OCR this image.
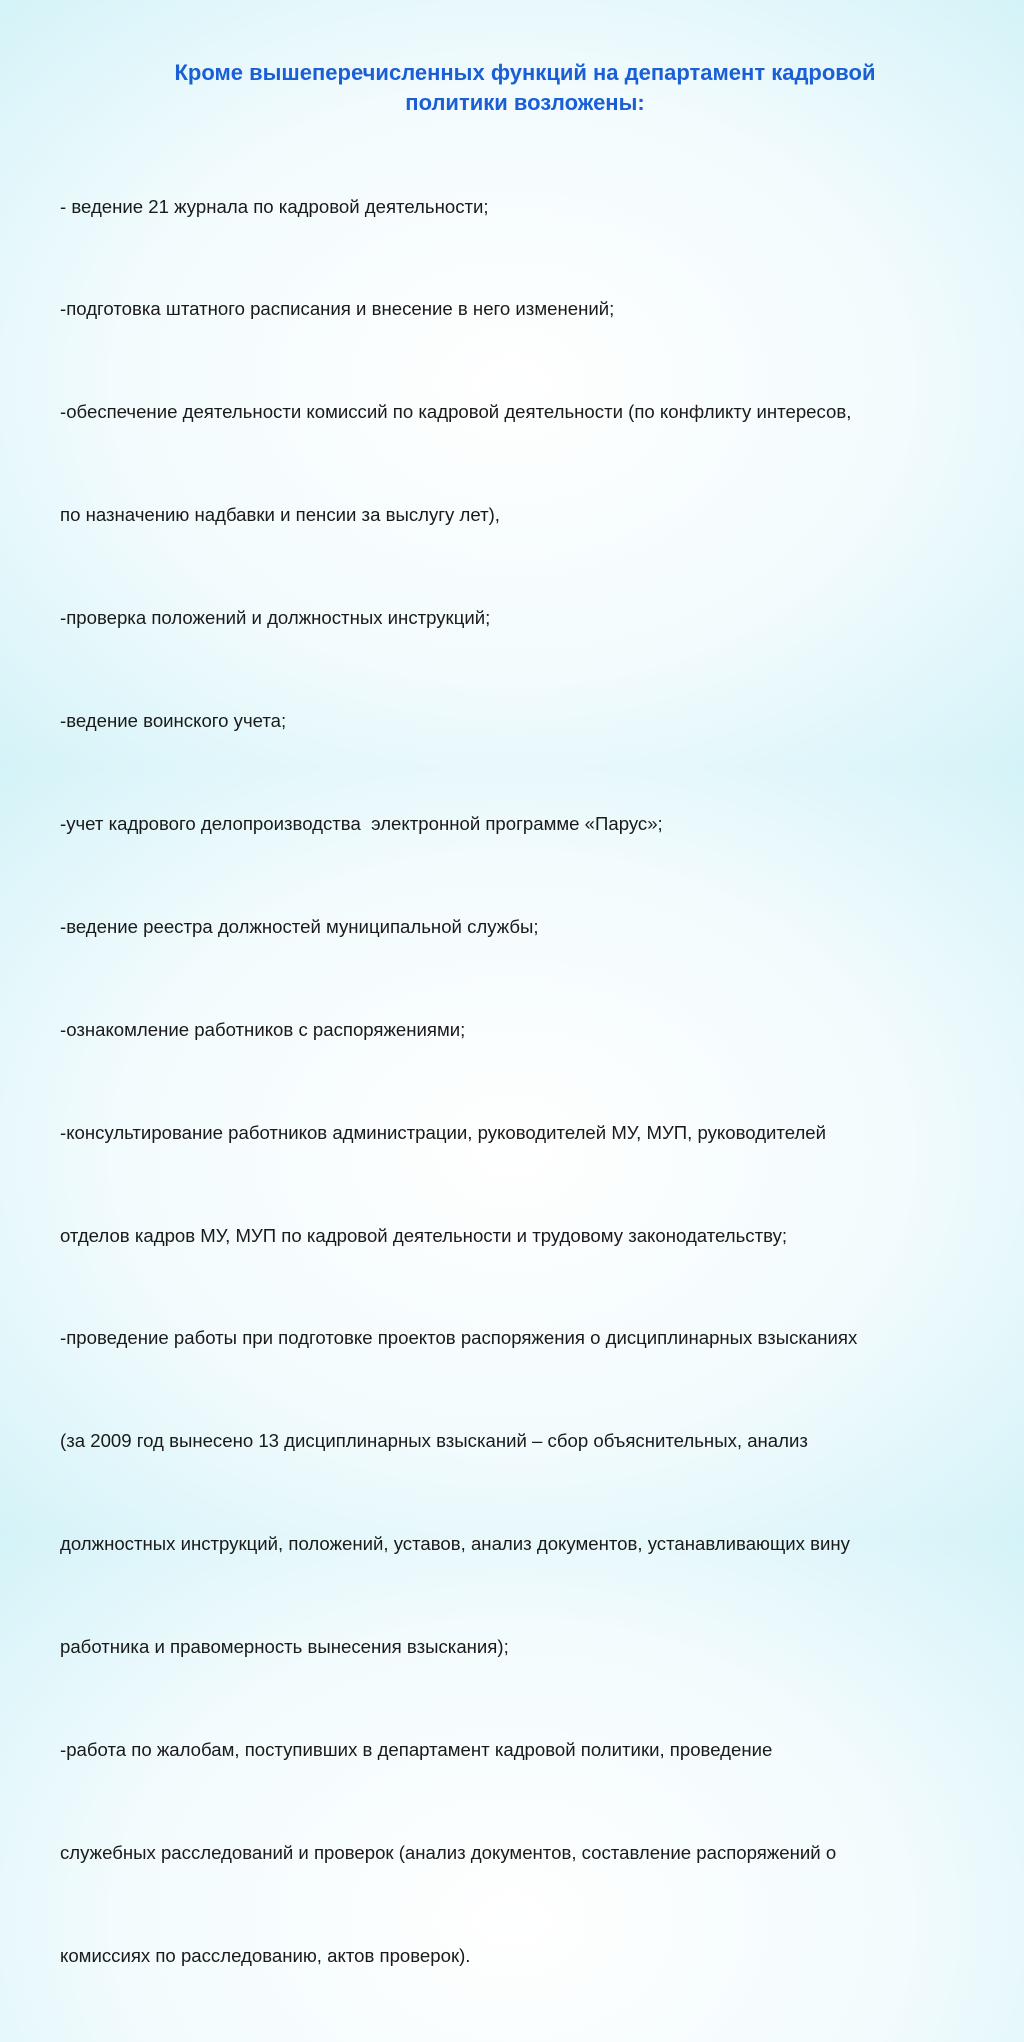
Кроме вышеперечисленных функций на департамент кадровой
политики возложены:

- ведение 21 журнала по кадровой деятельности;

-подготовка штатного расписания и внесение в него изменений;

-обеспечение деятельности комиссий по кадровой деятельности (по конфликту интересов,

по назначению надбавки и пенсии за выслугу лет),

-проверка положений и должностных инструкций;

-ведение воинского учета;

-учет кадрового делопроизводства  электронной программе «Парус»;

-ведение реестра должностей муниципальной службы;

-ознакомление работников с распоряжениями;

-консультирование работников администрации, руководителей МУ, МУП, руководителей

отделов кадров МУ, МУП по кадровой деятельности и трудовому законодательству;

-проведение работы при подготовке проектов распоряжения о дисциплинарных взысканиях

(за 2009 год вынесено 13 дисциплинарных взысканий – сбор объяснительных, анализ

должностных инструкций, положений, уставов, анализ документов, устанавливающих вину

работника и правомерность вынесения взыскания);

-работа по жалобам, поступивших в департамент кадровой политики, проведение

служебных расследований и проверок (анализ документов, составление распоряжений о

комиссиях по расследованию, актов проверок).
